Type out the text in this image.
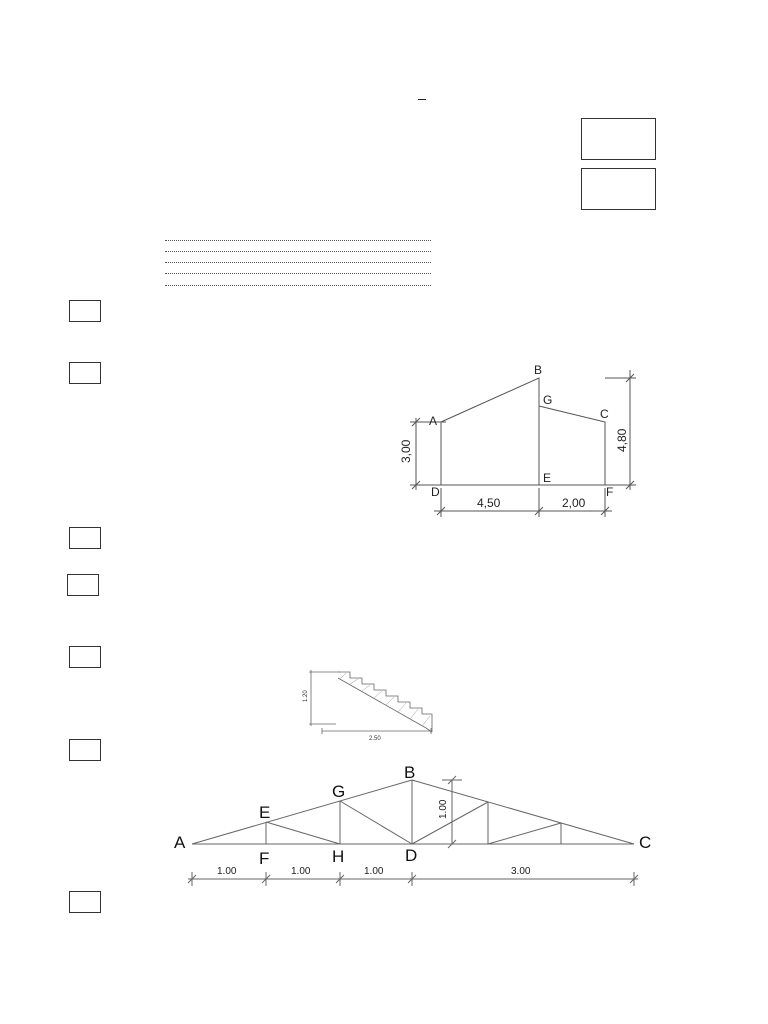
A
B
C
D
E
F
G
4,50	2,00
3,00	4,80
1.20
2.50
A
B
C
D
E
F
G
H
1.00
1.00	1.00	1.00	3.00
